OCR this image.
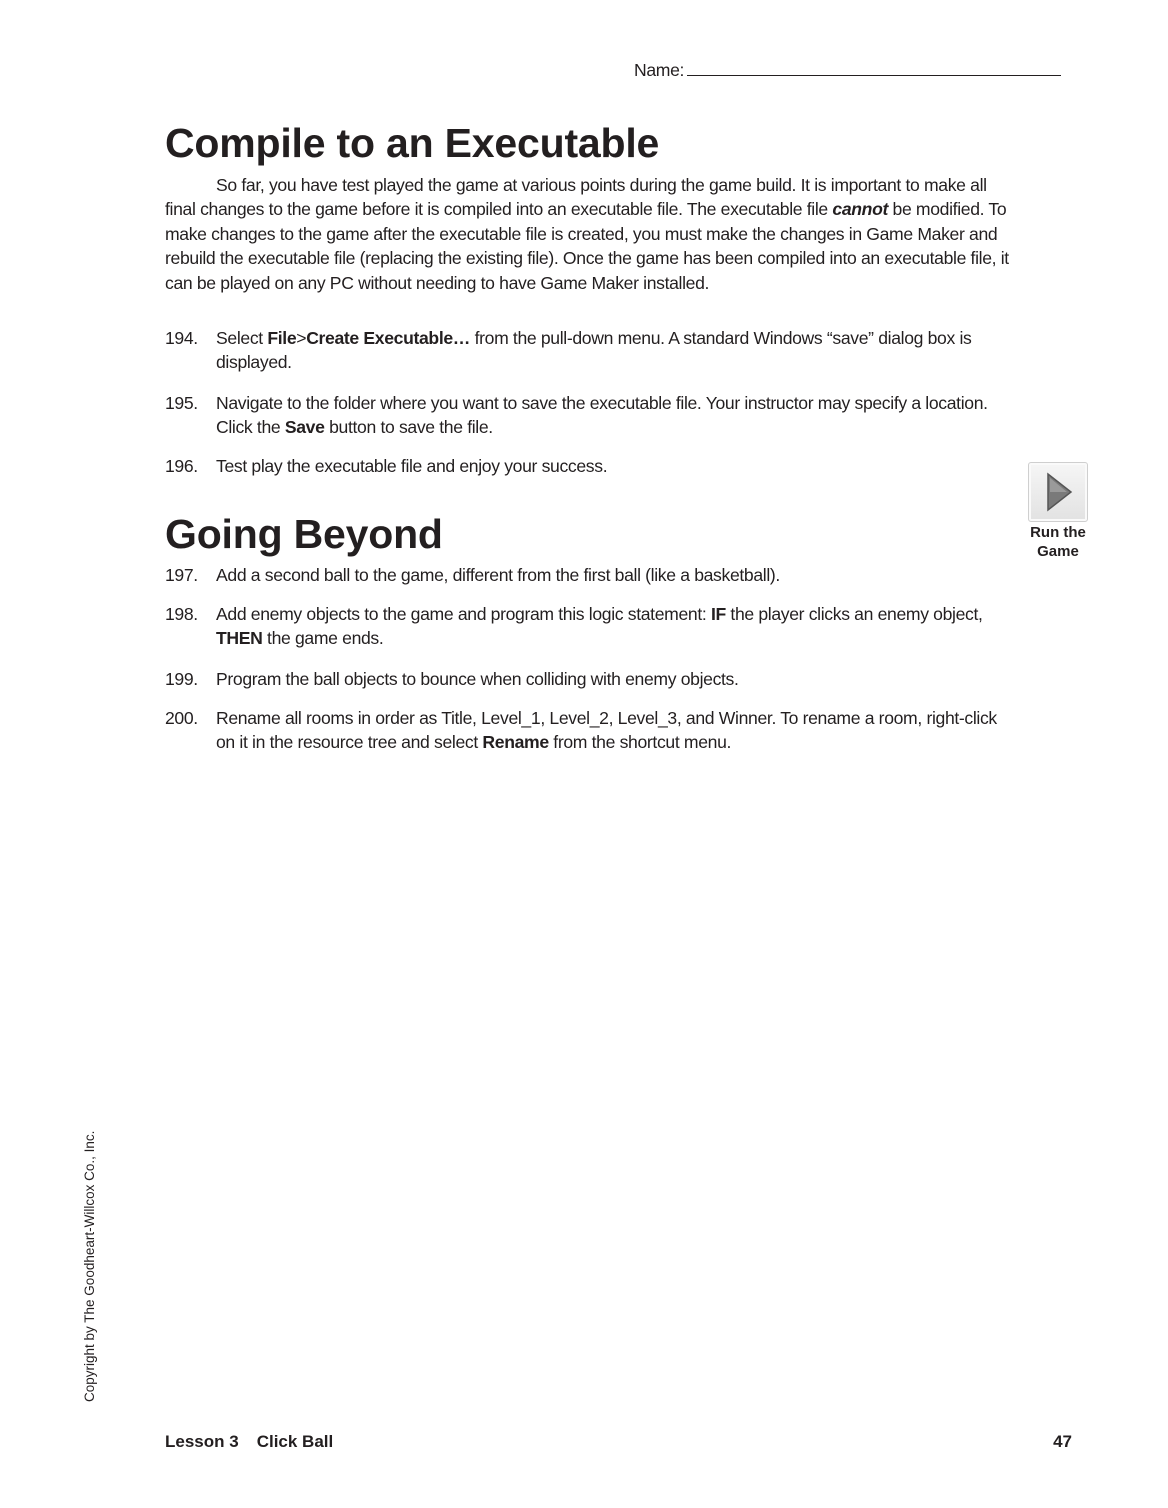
Name:
Compile to an Executable

So far, you have test played the game at various points during the game build. It is important to make all final changes to the game before it is compiled into an executable file. The executable file cannot be modified. To make changes to the game after the executable file is created, you must make the changes in Game Maker and rebuild the executable file (replacing the existing file). Once the game has been compiled into an executable file, it can be played on any PC without needing to have Game Maker installed.

194. Select File>Create Executable… from the pull-down menu. A standard Windows “save” dialog box is displayed.
195. Navigate to the folder where you want to save the executable file. Your instructor may specify a location. Click the Save button to save the file.
196. Test play the executable file and enjoy your success.
Run the
Game
Going Beyond
197. Add a second ball to the game, different from the first ball (like a basketball).
198. Add enemy objects to the game and program this logic statement: IF the player clicks an enemy object, THEN the game ends.
199. Program the ball objects to bounce when colliding with enemy objects.
200. Rename all rooms in order as Title, Level_1, Level_2, Level_3, and Winner. To rename a room, right-click on it in the resource tree and select Rename from the shortcut menu.
Copyright by The Goodheart-Willcox Co., Inc.
Lesson 3 Click Ball	47
